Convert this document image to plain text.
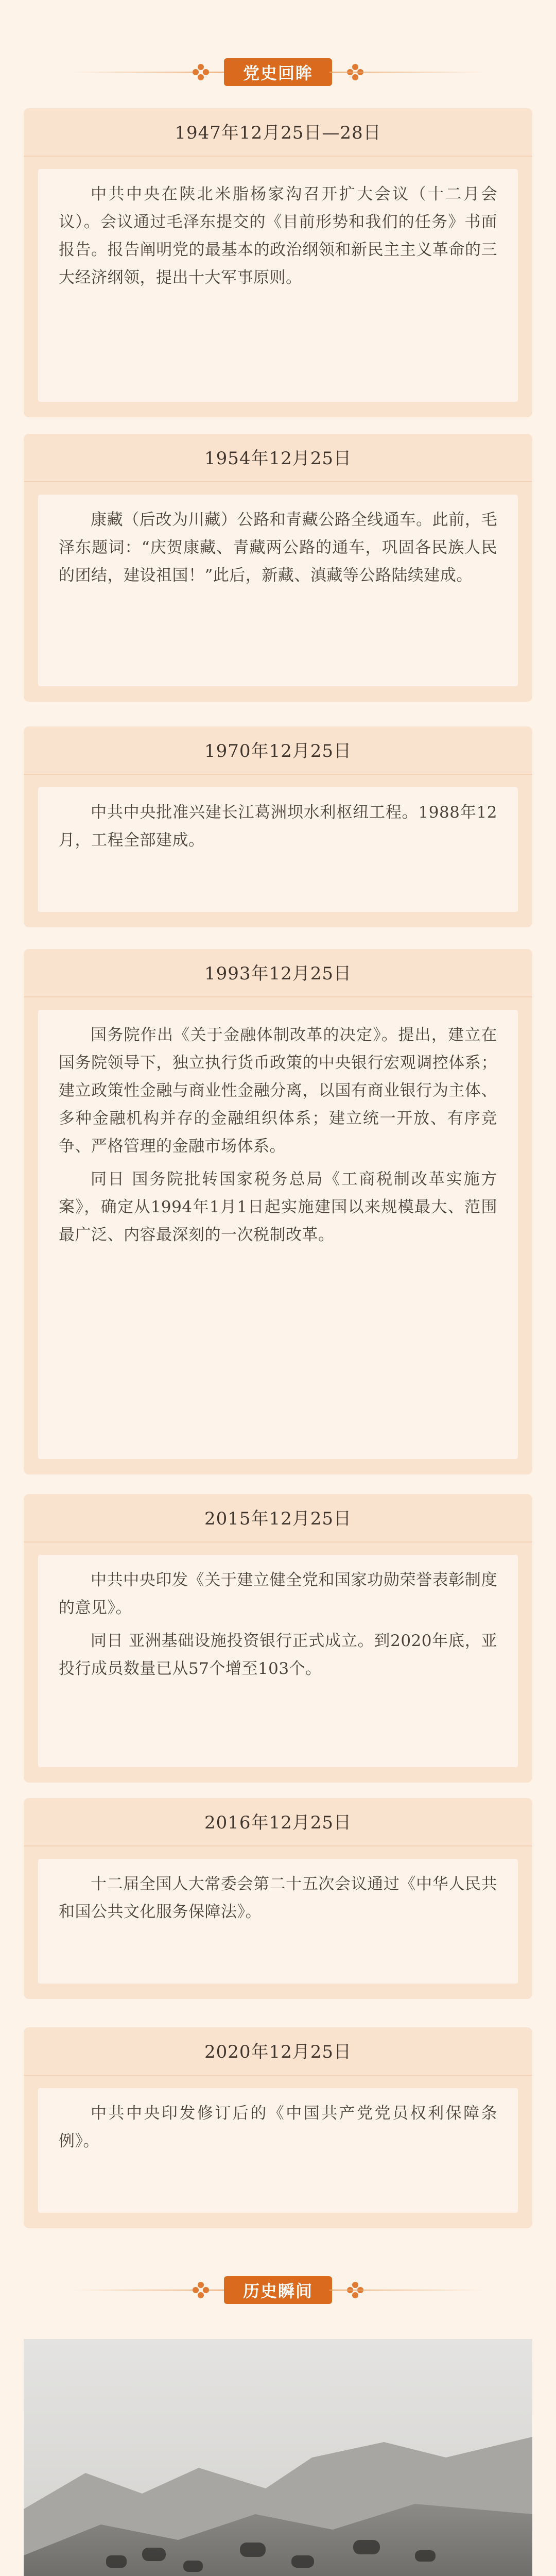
党史回眸
1947年12月25日—28日

中共中央在陕北米脂杨家沟召开扩大会议（十二月会议）。会议通过毛泽东提交的《目前形势和我们的任务》书面报告。报告阐明党的最基本的政治纲领和新民主主义革命的三大经济纲领，提出十大军事原则。

1954年12月25日

康藏（后改为川藏）公路和青藏公路全线通车。此前，毛泽东题词：“庆贺康藏、青藏两公路的通车，巩固各民族人民的团结，建设祖国！”此后，新藏、滇藏等公路陆续建成。

1970年12月25日

中共中央批准兴建长江葛洲坝水利枢纽工程。1988年12月，工程全部建成。

1993年12月25日

国务院作出《关于金融体制改革的决定》。提出，建立在国务院领导下，独立执行货币政策的中央银行宏观调控体系；建立政策性金融与商业性金融分离，以国有商业银行为主体、多种金融机构并存的金融组织体系；建立统一开放、有序竞争、严格管理的金融市场体系。

同日 国务院批转国家税务总局《工商税制改革实施方案》，确定从1994年1月1日起实施建国以来规模最大、范围最广泛、内容最深刻的一次税制改革。

2015年12月25日

中共中央印发《关于建立健全党和国家功勋荣誉表彰制度的意见》。

同日 亚洲基础设施投资银行正式成立。到2020年底，亚投行成员数量已从57个增至103个。

2016年12月25日

十二届全国人大常委会第二十五次会议通过《中华人民共和国公共文化服务保障法》。

2020年12月25日

中共中央印发修订后的《中国共产党党员权利保障条例》。

历史瞬间
